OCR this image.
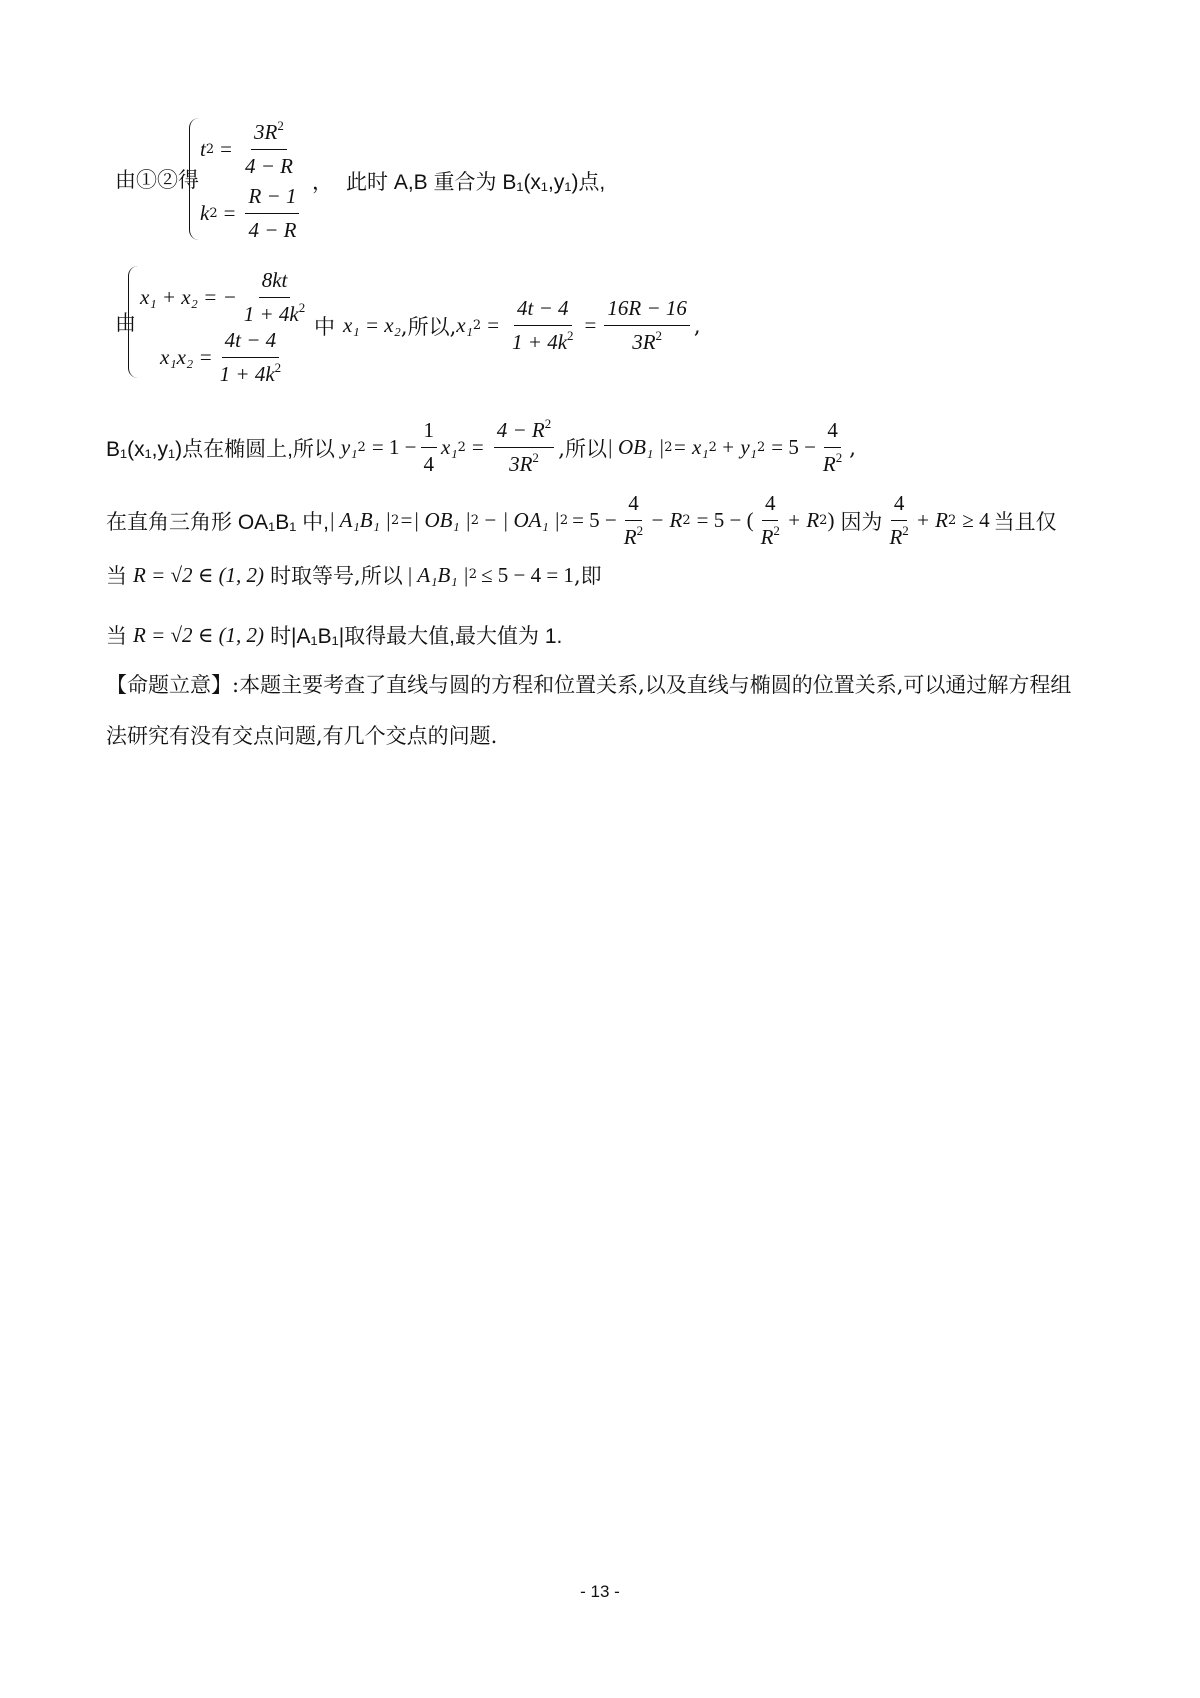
由①②得
t $2 = \frac{3R^2}{4 - R}$
k $2 = \frac{R - 1}{4 - R}$
， 此时 A,B 重合为 B₁(x₁,y₁)点,
由
x₁ + x₂ = − $\frac{8kt}{1 + 4k^2}$
$x_1x_2 = \frac{4t - 4}{1 + 4k^2}$
中 x₁ = x₂ ,所以, x₁ $2 = \frac{4t - 4}{1 + 4k^2} = \frac{16R - 16}{3R^2}$ ,
B₁(x₁,y₁)点在椭圆上,所以 y₁ $2 = 1 - \frac{1}{4} x_1$ $2 = \frac{4 - R^2}{3R^2}$ ,所以 | OB₁ | 2 = x₁ 2 + y₁ $2 = 5 - \frac{4}{R^2}$ ,
在直角三角形 OA₁B₁ 中, | A₁B₁ | 2 =| OB₁ | 2 − | OA₁ | $2 = 5 - \frac{4}{R^2} - R$ 2 = 5 − ( $\frac{4}{R^2} + R$ 2 ) 因为 $\frac{4}{R^2} + R$ 2 ≥ 4 当且仅
当 R = √2 ∈ (1, 2) 时取等号,所以 | A₁B₁ | 2 ≤ 5 − 4 = 1 ,即
当 R = √2 ∈ (1, 2) 时|A₁B₁|取得最大值,最大值为 1.
【命题立意】:本题主要考查了直线与圆的方程和位置关系,以及直线与椭圆的位置关系,可以通过解方程组
法研究有没有交点问题,有几个交点的问题.
- 13 -
